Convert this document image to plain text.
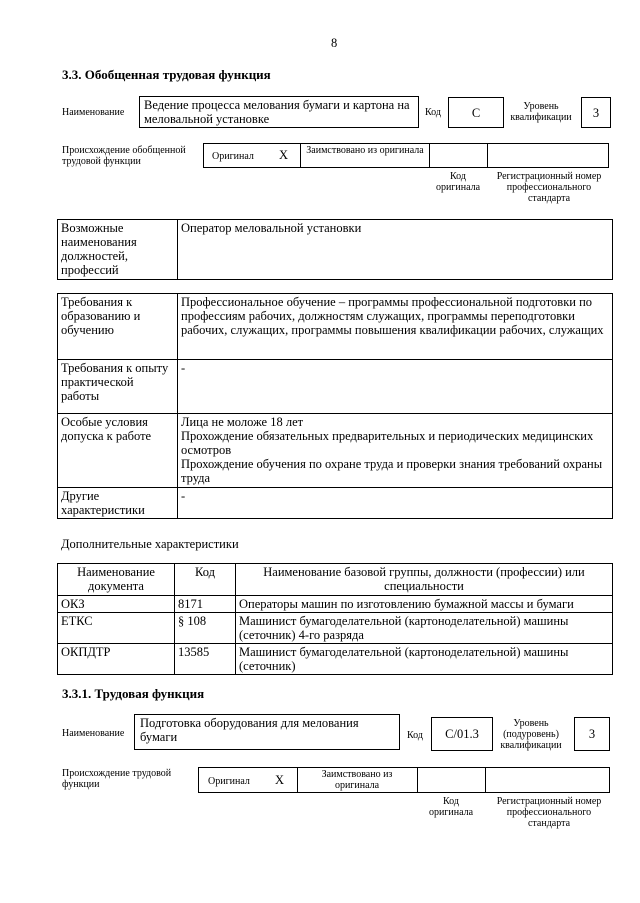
8
3.3. Обобщенная трудовая функция
Наименование
Ведение процесса мелования бумаги и картона на меловальной установке	Код	C	Уровень квалификации	3
Происхождение обобщенной трудовой функции	Оригинал X	Заимствовано из оригинала
Код оригинала
Регистрационный номер профессионального стандарта
Возможные наименования должностей, профессий	Оператор меловальной установки
Требования к образованию и обучению	Профессиональное обучение – программы профессиональной подготовки по профессиям рабочих, должностям служащих, программы переподготовки рабочих, служащих, программы повышения квалификации рабочих, служащих
Требования к опыту практической работы	-
Особые условия допуска к работе	Лица не моложе 18 лет
Прохождение обязательных предварительных и периодических медицинских осмотров
Прохождение обучения по охране труда и проверки знания требований охраны труда

Другие характеристики	-
Дополнительные характеристики
Наименование документа	Код	Наименование базовой группы, должности (профессии) или специальности
ОКЗ	8171	Операторы машин по изготовлению бумажной массы и бумаги
ЕТКС	§ 108	Машинист бумагоделательной (картоноделательной) машины (сеточник) 4-го разряда
ОКПДТР	13585	Машинист бумагоделательной (картоноделательной) машины (сеточник)
3.3.1. Трудовая функция
Наименование
Подготовка оборудования для мелования бумаги	Код	C/01.3
Уровень (подуровень) квалификации
3
Происхождение трудовой функции	Оригинал X	Заимствовано из оригинала
Код оригинала
Регистрационный номер профессионального стандарта
